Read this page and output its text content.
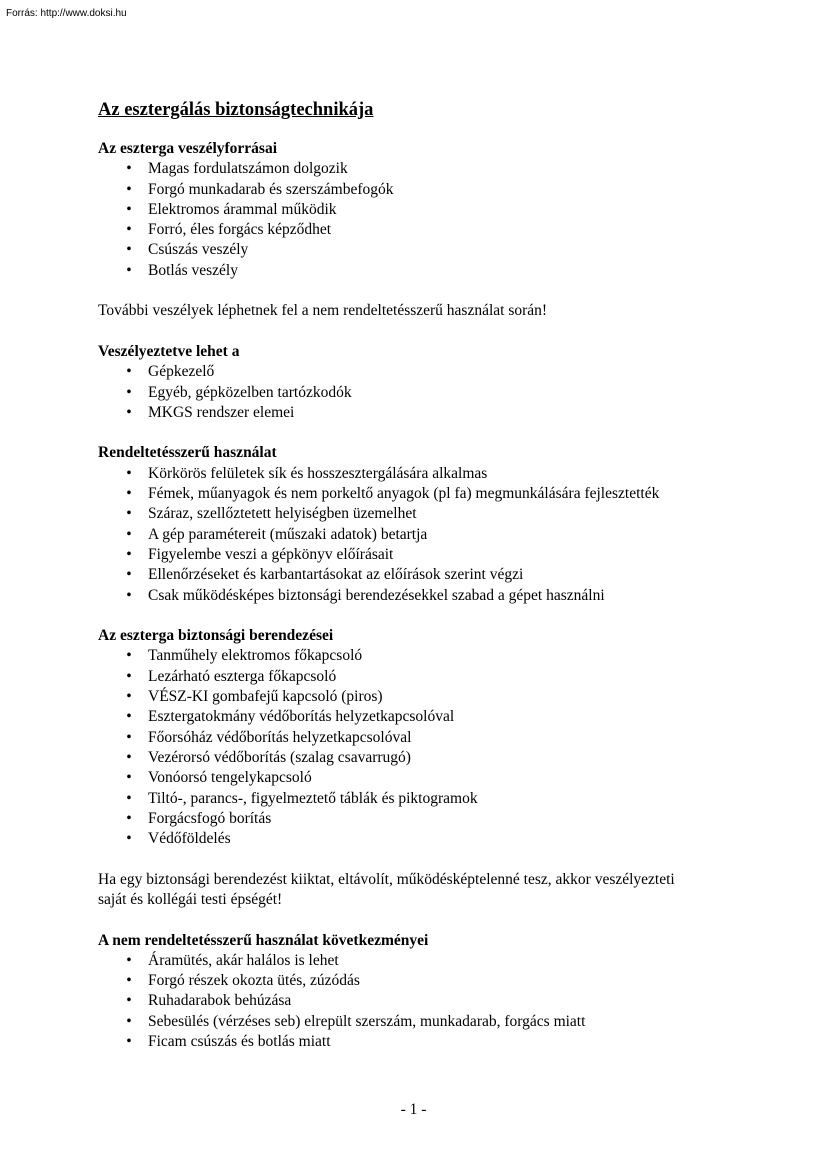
Forrás: http://www.doksi.hu
Az esztergálás biztonságtechnikája

Az eszterga veszélyforrásai

• Magas fordulatszámon dolgozik
• Forgó munkadarab és szerszámbefogók
• Elektromos árammal működik
• Forró, éles forgács képződhet
• Csúszás veszély
• Botlás veszély

További veszélyek léphetnek fel a nem rendeltetésszerű használat során!

Veszélyeztetve lehet a

• Gépkezelő
• Egyéb, gépközelben tartózkodók
• MKGS rendszer elemei

Rendeltetésszerű használat

• Körkörös felületek sík és hosszesztergálására alkalmas
• Fémek, műanyagok és nem porkeltő anyagok (pl fa) megmunkálására fejlesztették
• Száraz, szellőztetett helyiségben üzemelhet
• A gép paramétereit (műszaki adatok) betartja
• Figyelembe veszi a gépkönyv előírásait
• Ellenőrzéseket és karbantartásokat az előírások szerint végzi
• Csak működésképes biztonsági berendezésekkel szabad a gépet használni

Az eszterga biztonsági berendezései

• Tanműhely elektromos főkapcsoló
• Lezárható eszterga főkapcsoló
• VÉSZ-KI gombafejű kapcsoló (piros)
• Esztergatokmány védőborítás helyzetkapcsolóval
• Főorsóház védőborítás helyzetkapcsolóval
• Vezérorsó védőborítás (szalag csavarrugó)
• Vonóorsó tengelykapcsoló
• Tiltó-, parancs-, figyelmeztető táblák és piktogramok
• Forgácsfogó borítás
• Védőföldelés

Ha egy biztonsági berendezést kiiktat, eltávolít, működésképtelenné tesz, akkor veszélyezteti
saját és kollégái testi épségét!

A nem rendeltetésszerű használat következményei

• Áramütés, akár halálos is lehet
• Forgó részek okozta ütés, zúzódás
• Ruhadarabok behúzása
• Sebesülés (vérzéses seb) elrepült szerszám, munkadarab, forgács miatt
• Ficam csúszás és botlás miatt
- 1 -
